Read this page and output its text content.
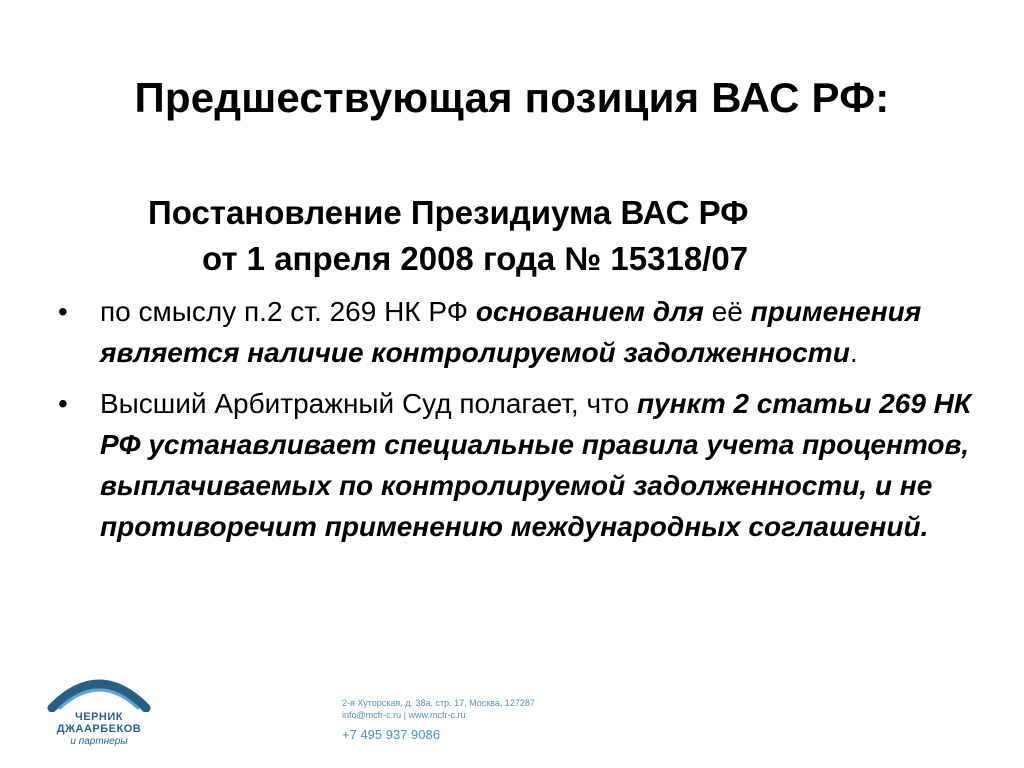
Предшествующая позиция ВАС РФ:
Постановление Президиума ВАС РФ
от 1 апреля 2008 года № 15318/07
•	по смыслу п.2 ст. 269 НК РФ основанием для её применения является наличие контролируемой задолженности.
•	Высший Арбитражный Суд полагает, что пункт 2 статьи 269 НК РФ устанавливает специальные правила учета процентов, выплачиваемых по контролируемой задолженности, и не противоречит применению международных соглашений.
ЧЕРНИК
ДЖААРБЕКОВ
и партнеры
2-я Хуторская, д. 38а, стр. 17, Москва, 127287
info@mcfr-c.ru | www.mcfr-c.ru
+7 495 937 9086
